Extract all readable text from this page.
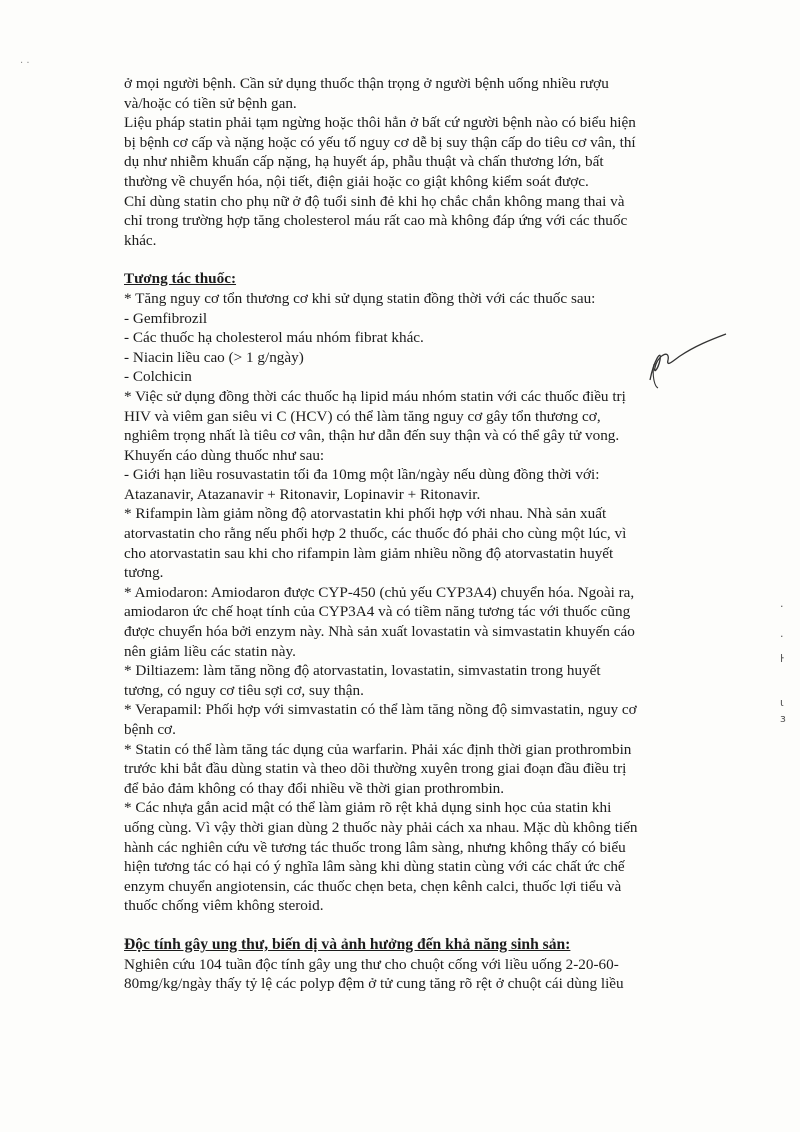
· ·

ở mọi người bệnh. Cần sử dụng thuốc thận trọng ở người bệnh uống nhiều rượu
và/hoặc có tiền sử bệnh gan.

Liệu pháp statin phải tạm ngừng hoặc thôi hẳn ở bất cứ người bệnh nào có biểu hiện
bị bệnh cơ cấp và nặng hoặc có yếu tố nguy cơ dễ bị suy thận cấp do tiêu cơ vân, thí
dụ như nhiễm khuẩn cấp nặng, hạ huyết áp, phẫu thuật và chấn thương lớn, bất
thường về chuyển hóa, nội tiết, điện giải hoặc co giật không kiểm soát được.

Chỉ dùng statin cho phụ nữ ở độ tuổi sinh đẻ khi họ chắc chắn không mang thai và
chỉ trong trường hợp tăng cholesterol máu rất cao mà không đáp ứng với các thuốc
khác.

Tương tác thuốc:
* Tăng nguy cơ tổn thương cơ khi sử dụng statin đồng thời với các thuốc sau:
- Gemfibrozil
- Các thuốc hạ cholesterol máu nhóm fibrat khác.
- Niacin liều cao (> 1 g/ngày)
- Colchicin
* Việc sử dụng đồng thời các thuốc hạ lipid máu nhóm statin với các thuốc điều trị
HIV và viêm gan siêu vi C (HCV) có thể làm tăng nguy cơ gây tổn thương cơ,
nghiêm trọng nhất là tiêu cơ vân, thận hư dẫn đến suy thận và có thể gây tử vong.
Khuyến cáo dùng thuốc như sau:
- Giới hạn liều rosuvastatin tối đa 10mg một lần/ngày nếu dùng đồng thời với:
Atazanavir, Atazanavir + Ritonavir, Lopinavir + Ritonavir.

* Rifampin làm giảm nồng độ atorvastatin khi phối hợp với nhau. Nhà sản xuất
atorvastatin cho rằng nếu phối hợp 2 thuốc, các thuốc đó phải cho cùng một lúc, vì
cho atorvastatin sau khi cho rifampin làm giảm nhiều nồng độ atorvastatin huyết
tương.

* Amiodaron: Amiodaron được CYP-450 (chủ yếu CYP3A4) chuyển hóa. Ngoài ra,
amiodaron ức chế hoạt tính của CYP3A4 và có tiềm năng tương tác với thuốc cũng
được chuyển hóa bởi enzym này. Nhà sản xuất lovastatin và simvastatin khuyến cáo
nên giảm liều các statin này.

* Diltiazem: làm tăng nồng độ atorvastatin, lovastatin, simvastatin trong huyết
tương, có nguy cơ tiêu sợi cơ, suy thận.

* Verapamil: Phối hợp với simvastatin có thể làm tăng nồng độ simvastatin, nguy cơ
bệnh cơ.

* Statin có thể làm tăng tác dụng của warfarin. Phải xác định thời gian prothrombin
trước khi bắt đầu dùng statin và theo dõi thường xuyên trong giai đoạn đầu điều trị
để bảo đảm không có thay đổi nhiều về thời gian prothrombin.

* Các nhựa gắn acid mật có thể làm giảm rõ rệt khả dụng sinh học của statin khi
uống cùng. Vì vậy thời gian dùng 2 thuốc này phải cách xa nhau. Mặc dù không tiến
hành các nghiên cứu về tương tác thuốc trong lâm sàng, nhưng không thấy có biểu
hiện tương tác có hại có ý nghĩa lâm sàng khi dùng statin cùng với các chất ức chế
enzym chuyển angiotensin, các thuốc chẹn beta, chẹn kênh calci, thuốc lợi tiểu và
thuốc chống viêm không steroid.

Độc tính gây ung thư, biến dị và ảnh hưởng đến khả năng sinh sản:
Nghiên cứu 104 tuần độc tính gây ung thư cho chuột cống với liều uống 2-20-60-
80mg/kg/ngày thấy tỷ lệ các polyp đệm ở tử cung tăng rõ rệt ở chuột cái dùng liều
·
·
ŀ
ɩ
ɜ
